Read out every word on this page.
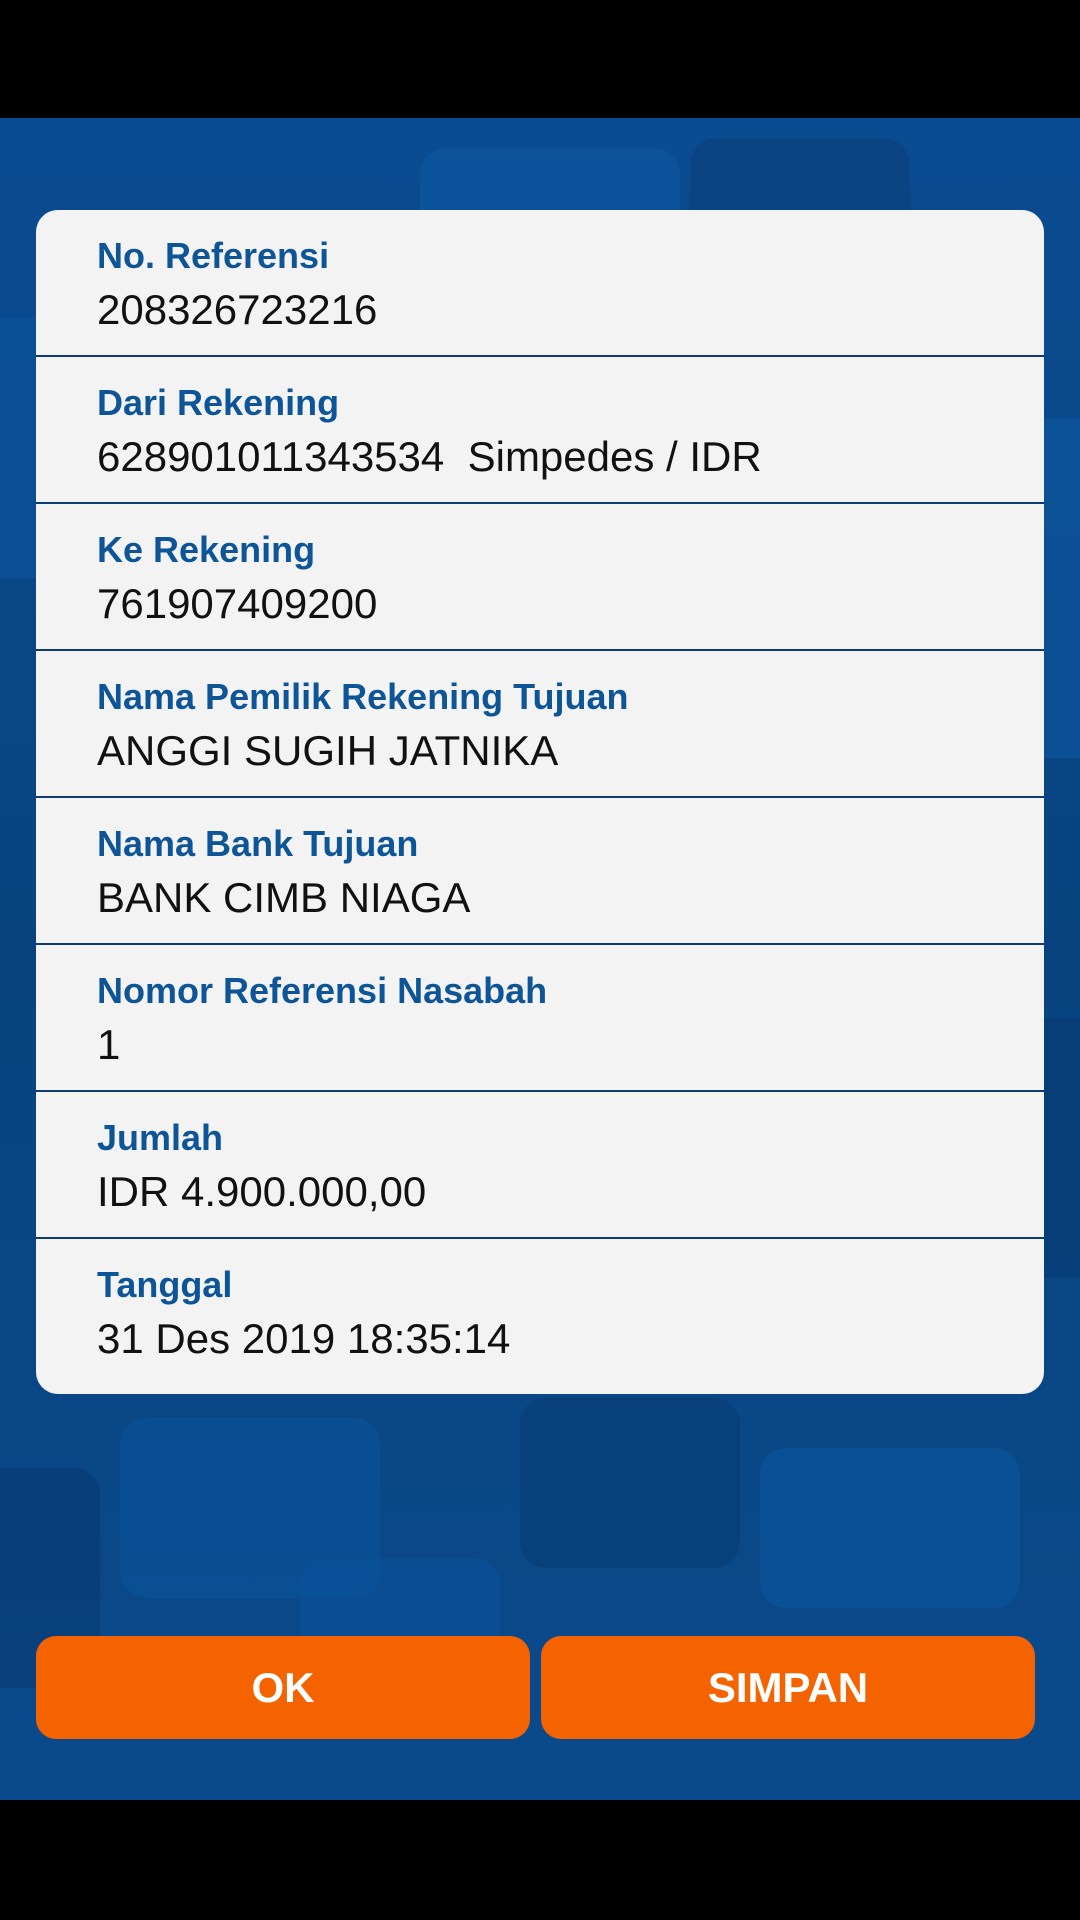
No. Referensi
208326723216
Dari Rekening
628901011343534  Simpedes / IDR
Ke Rekening
761907409200
Nama Pemilik Rekening Tujuan
ANGGI SUGIH JATNIKA
Nama Bank Tujuan
BANK CIMB NIAGA
Nomor Referensi Nasabah
1
Jumlah
IDR 4.900.000,00
Tanggal
31 Des 2019 18:35:14
OK	SIMPAN
